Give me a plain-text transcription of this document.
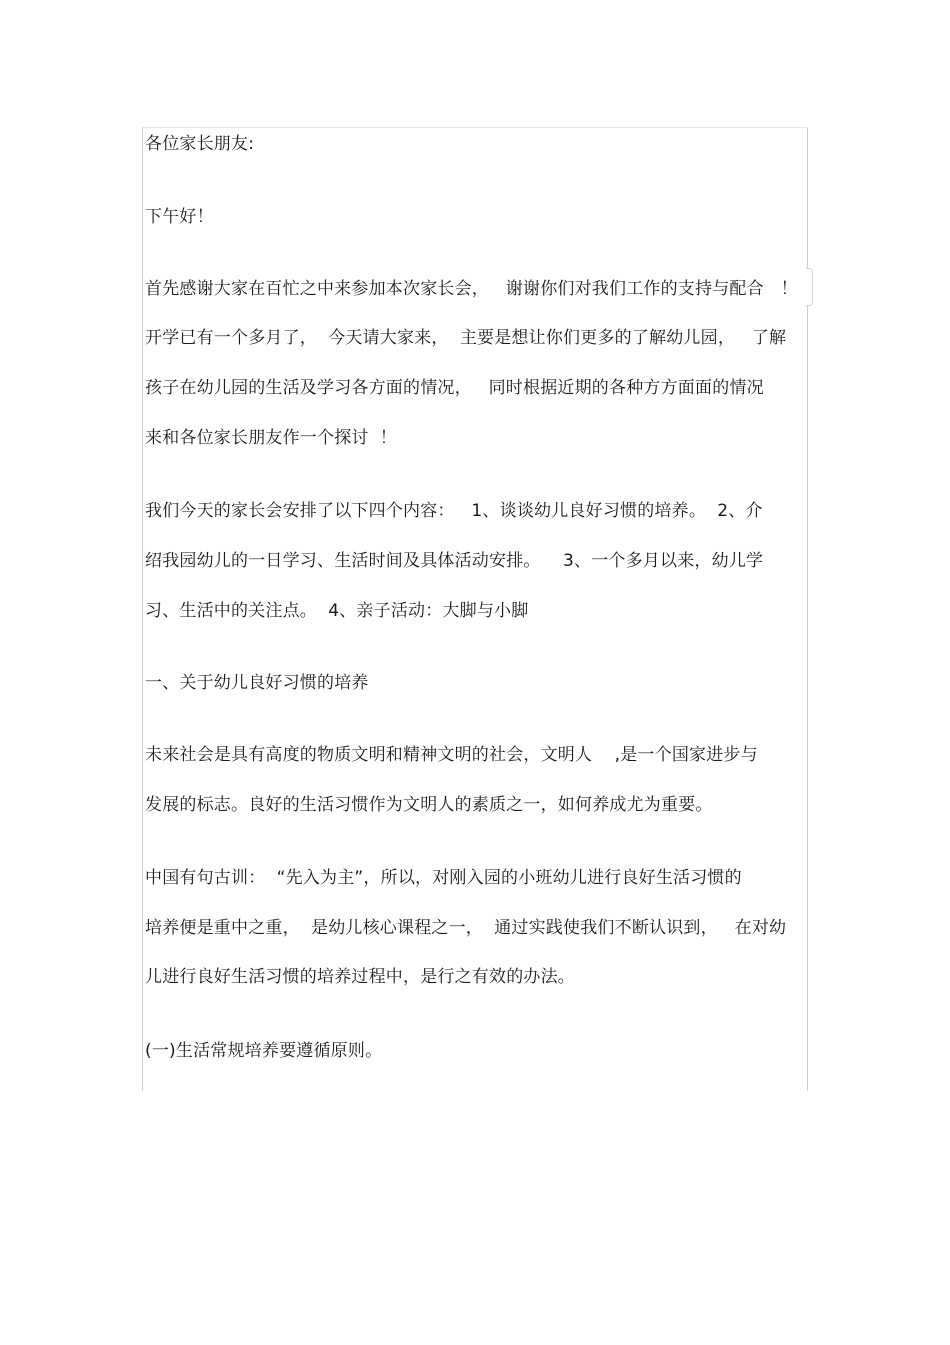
各位家长朋友:
下午好！
首先感谢大家在百忙之中来参加本次家长会，   谢谢你们对我们工作的支持与配合   ！
开学已有一个多月了，  今天请大家来，  主要是想让你们更多的了解幼儿园，   了解
孩子在幼儿园的生活及学习各方面的情况，   同时根据近期的各种方方面面的情况
来和各位家长朋友作一个探讨  ！
我们今天的家长会安排了以下四个内容：   1、谈谈幼儿良好习惯的培养。  2、介
绍我园幼儿的一日学习、生活时间及具体活动安排。    3、一个多月以来，幼儿学
习、生活中的关注点。  4、亲子活动：大脚与小脚
一、关于幼儿良好习惯的培养
未来社会是具有高度的物质文明和精神文明的社会，文明人    ,是一个国家进步与
发展的标志。良好的生活习惯作为文明人的素质之一，如何养成尤为重要。
中国有句古训：  “先入为主”，所以，对刚入园的小班幼儿进行良好生活习惯的
培养便是重中之重，  是幼儿核心课程之一，  通过实践使我们不断认识到，   在对幼
儿进行良好生活习惯的培养过程中，是行之有效的办法。
(一)生活常规培养要遵循原则。
